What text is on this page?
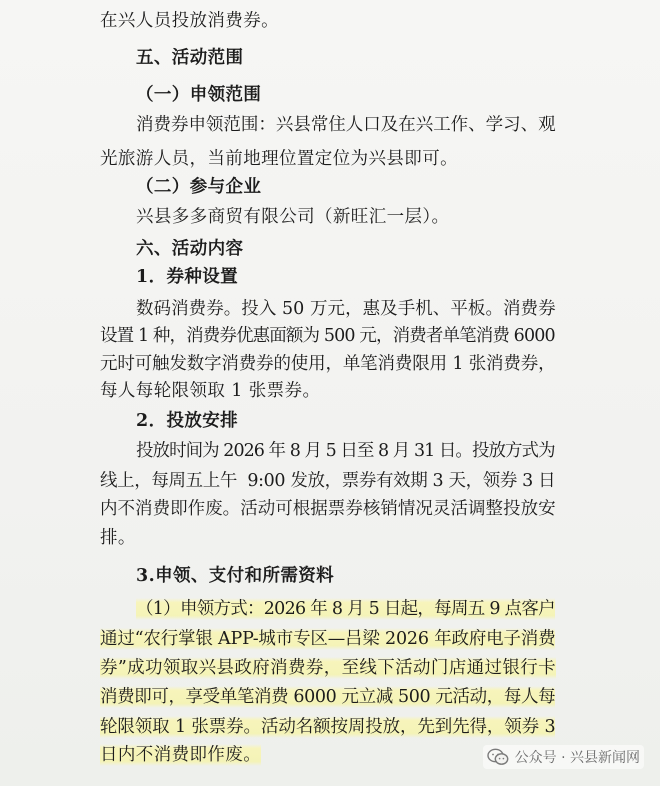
在兴人员投放消费券。
五、活动范围
（一）申领范围
消费券申领范围：兴县常住人口及在兴工作、学习、观
光旅游人员，当前地理位置定位为兴县即可。
（二）参与企业
兴县多多商贸有限公司（新旺汇一层）。
六、活动内容
1．券种设置
数码消费券。投入 50 万元，惠及手机、平板。消费券
设置 1 种，消费券优惠面额为 500 元，消费者单笔消费 6000
元时可触发数字消费券的使用，单笔消费限用 1 张消费券，
每人每轮限领取 1 张票券。
2．投放安排
投放时间为 2026 年 8 月 5 日至 8 月 31 日。投放方式为
线上，每周五上午  9:00 发放，票券有效期 3 天，领券 3 日
内不消费即作废。活动可根据票券核销情况灵活调整投放安
排。
3.申领、支付和所需资料
（1）申领方式：2026 年 8 月 5 日起，每周五 9 点客户
通过“农行掌银 APP-城市专区—吕梁 2026 年政府电子消费
券”成功领取兴县政府消费券，至线下活动门店通过银行卡
消费即可，享受单笔消费 6000 元立减 500 元活动，每人每
轮限领取 1 张票券。活动名额按周投放，先到先得，领券 3
日内不消费即作废。	公众号 · 兴县新闻网
